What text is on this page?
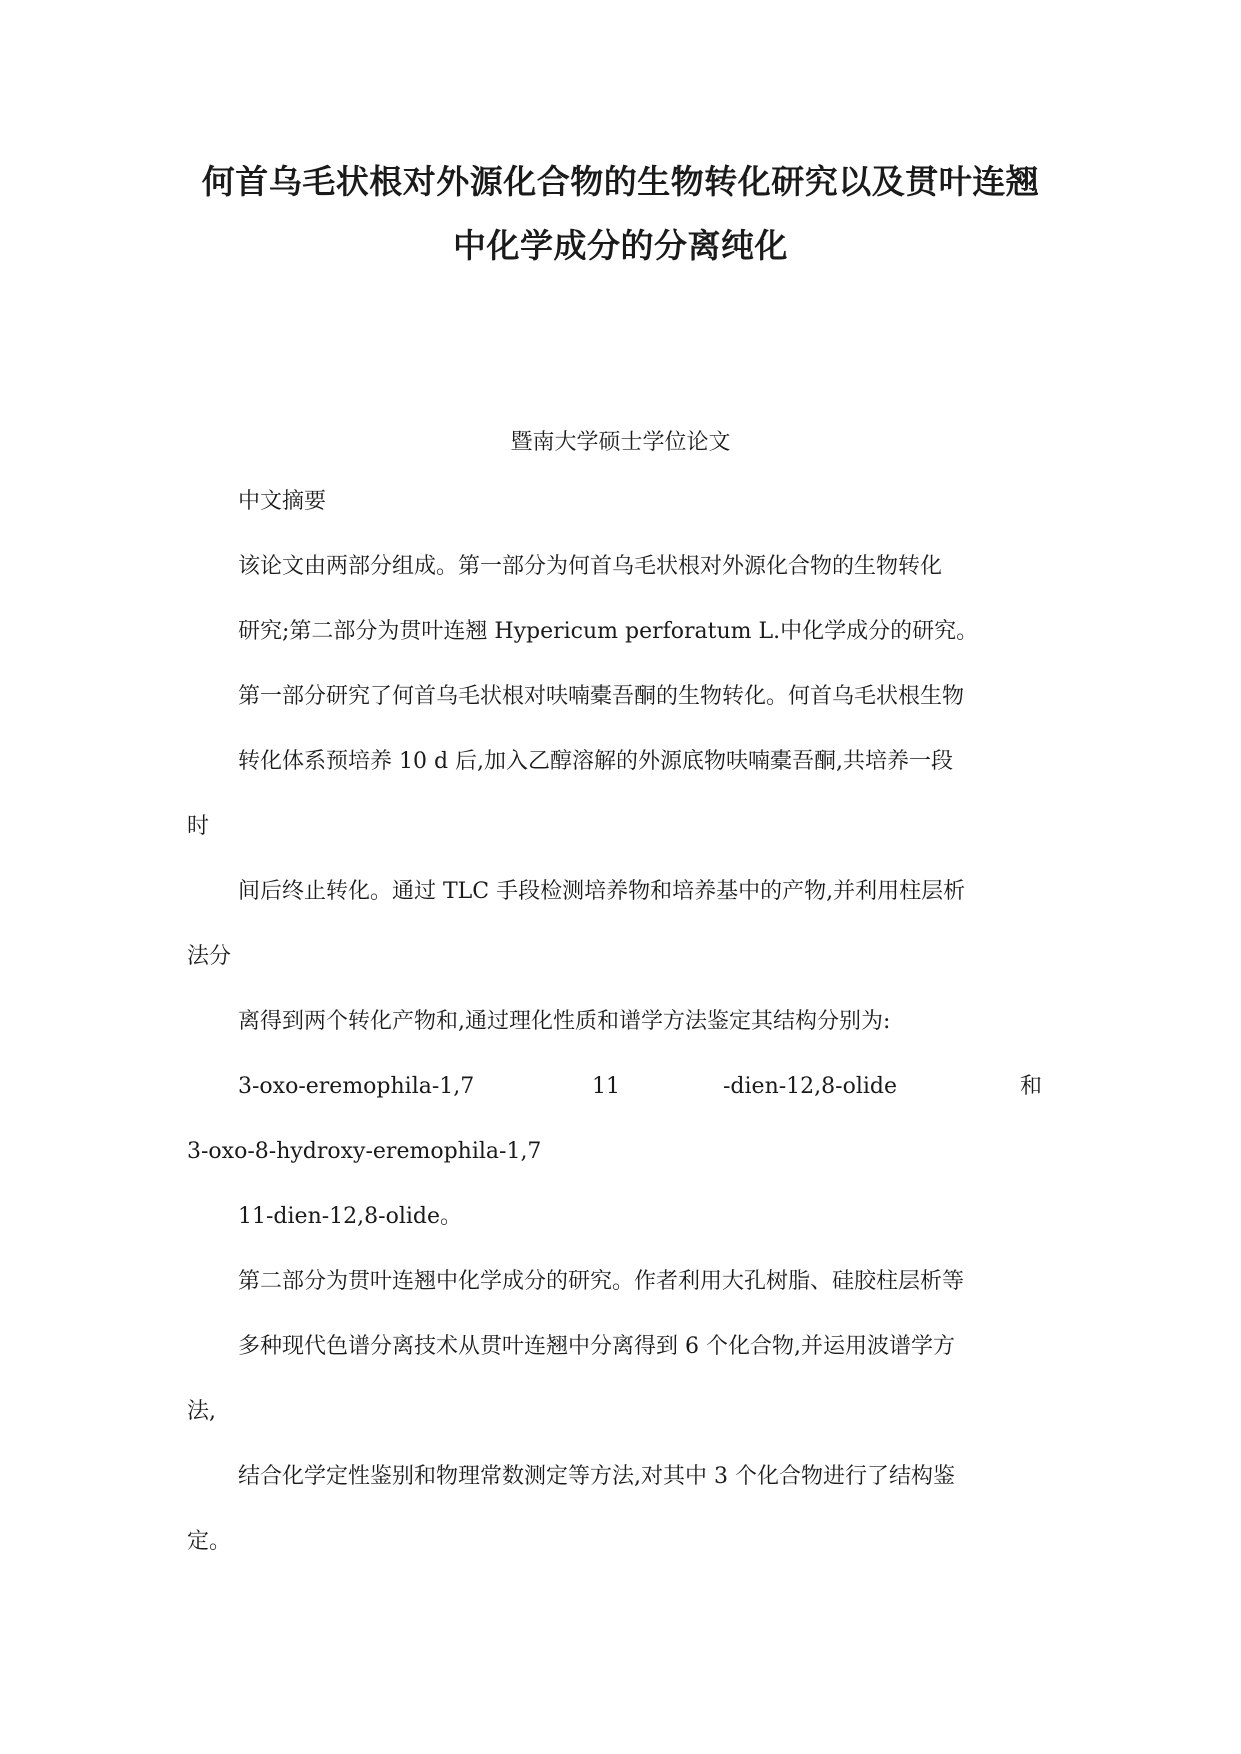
何首乌毛状根对外源化合物的生物转化研究以及贯叶连翘
中化学成分的分离纯化
暨南大学硕士学位论文

中文摘要

该论文由两部分组成。第一部分为何首乌毛状根对外源化合物的生物转化

研究;第二部分为贯叶连翘 Hypericum perforatum L.中化学成分的研究。

第一部分研究了何首乌毛状根对呋喃橐吾酮的生物转化。何首乌毛状根生物

转化体系预培养 10 d 后,加入乙醇溶解的外源底物呋喃橐吾酮,共培养一段

时

间后终止转化。通过 TLC 手段检测培养物和培养基中的产物,并利用柱层析

法分

离得到两个转化产物和,通过理化性质和谱学方法鉴定其结构分别为:

3-oxo-eremophila-1,7	11	-dien-12,8-olide	和

3-oxo-8-hydroxy-eremophila-1,7

11-dien-12,8-olide。

第二部分为贯叶连翘中化学成分的研究。作者利用大孔树脂、硅胶柱层析等

多种现代色谱分离技术从贯叶连翘中分离得到 6 个化合物,并运用波谱学方

法,

结合化学定性鉴别和物理常数测定等方法,对其中 3 个化合物进行了结构鉴

定。
